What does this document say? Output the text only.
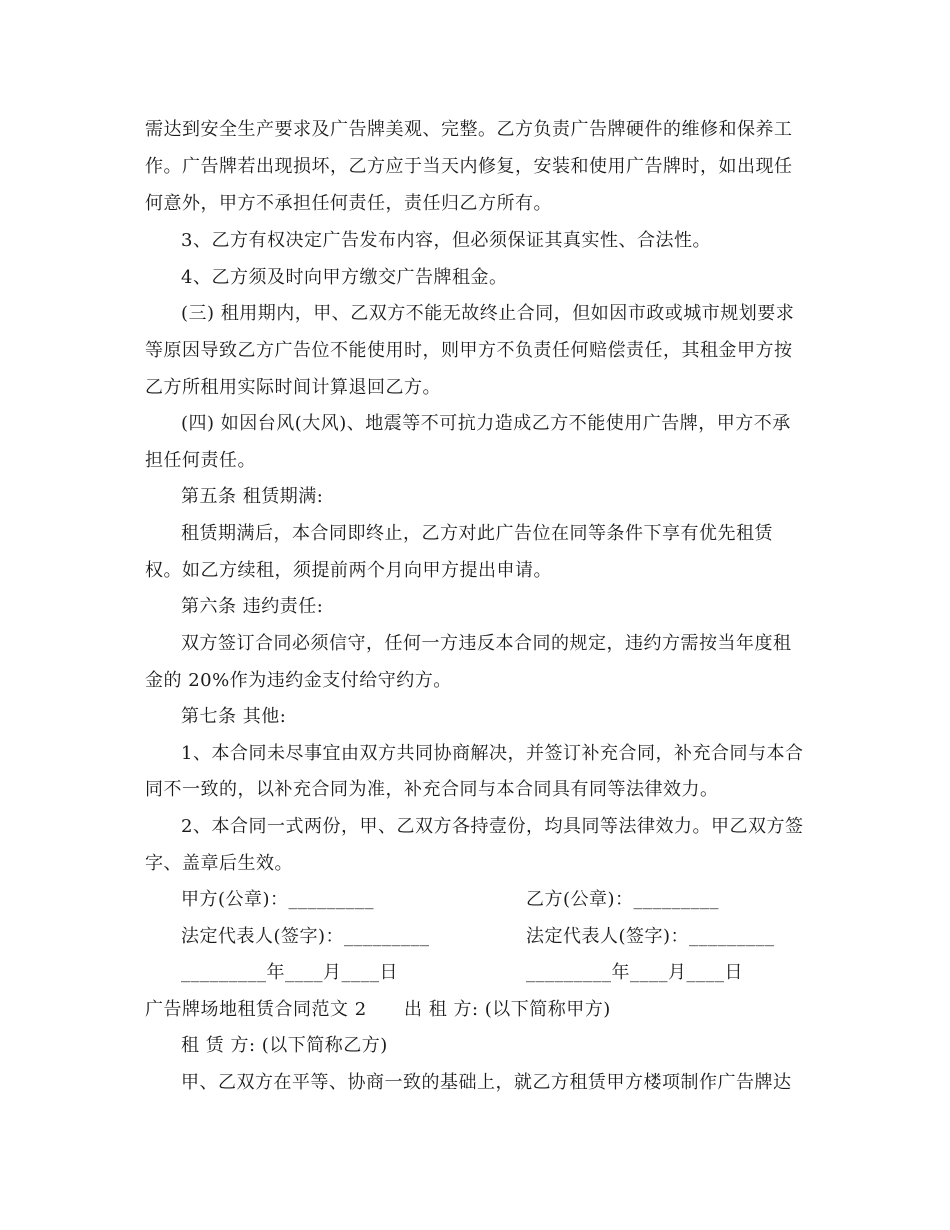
需达到安全生产要求及广告牌美观、完整。乙方负责广告牌硬件的维修和保养工
作。广告牌若出现损坏，乙方应于当天内修复，安装和使用广告牌时，如出现任
何意外，甲方不承担任何责任，责任归乙方所有。
3、乙方有权决定广告发布内容，但必须保证其真实性、合法性。
4、乙方须及时向甲方缴交广告牌租金。
(三) 租用期内，甲、乙双方不能无故终止合同，但如因市政或城市规划要求
等原因导致乙方广告位不能使用时，则甲方不负责任何赔偿责任，其租金甲方按
乙方所租用实际时间计算退回乙方。
(四) 如因台风(大风)、地震等不可抗力造成乙方不能使用广告牌，甲方不承
担任何责任。
第五条 租赁期满:
租赁期满后，本合同即终止，乙方对此广告位在同等条件下享有优先租赁
权。如乙方续租，须提前两个月向甲方提出申请。
第六条 违约责任:
双方签订合同必须信守，任何一方违反本合同的规定，违约方需按当年度租
金的 20%作为违约金支付给守约方。
第七条 其他:
1、本合同未尽事宜由双方共同协商解决，并签订补充合同，补充合同与本合
同不一致的，以补充合同为准，补充合同与本合同具有同等法律效力。
2、本合同一式两份，甲、乙双方各持壹份，均具同等法律效力。甲乙双方签
字、盖章后生效。
甲方(公章)：_________	乙方(公章)：_________
法定代表人(签字)：_________	法定代表人(签字)：_________
_________年____月____日	_________年____月____日
广告牌场地租赁合同范文 2      出 租 方: (以下简称甲方)
租 赁 方: (以下简称乙方)
甲、乙双方在平等、协商一致的基础上，就乙方租赁甲方楼项制作广告牌达
